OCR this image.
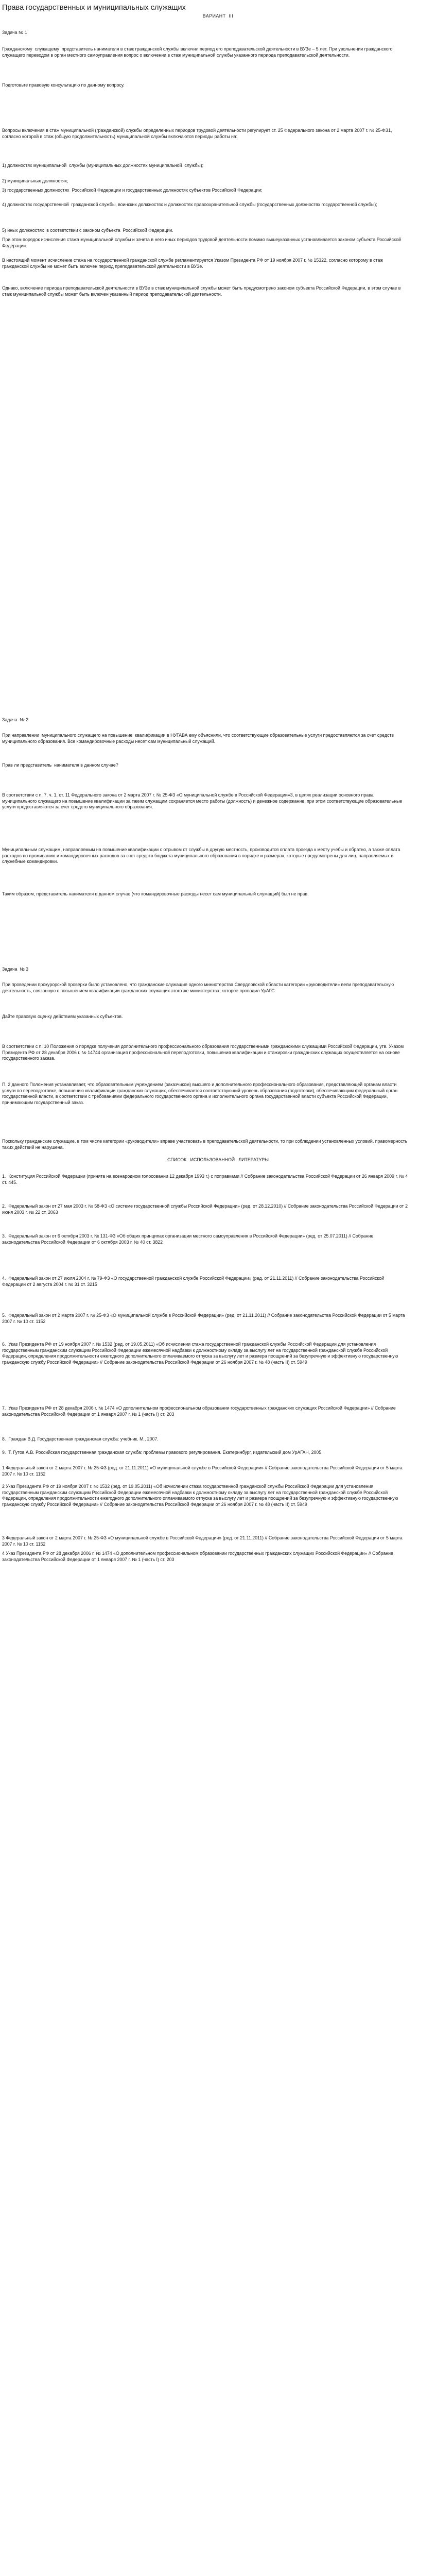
Права государственных и муниципальных служащих
ВАРИАНТ  III
Задача № 1
Гражданскому  служащему  представитель нанимателя в стаж гражданской службы включил период его преподавательской деятельности в ВУЗе – 5 лет. При увольнении гражданского служащего переводом в орган местного самоуправления вопрос о включении в стаж муниципальной службы указанного периода преподавательской деятельности.
Подготовьте правовую консультацию по данному вопросу.
Вопросы включения в стаж муниципальной (гражданской) службы определенных периодов трудовой деятельности регулирует ст. 25 Федерального закона от 2 марта 2007 г. № 25-ФЗ1, согласно которой в стаж (общую продолжительность) муниципальной службы включаются периоды работы на:
1) должностях муниципальной  службы (муниципальных должностях муниципальной  службы);
2) муниципальных должностях;
3) государственных должностях  Российской Федерации и государственных должностях субъектов Российской Федерации;
4) должностях государственной  гражданской службы, воинских должностях и должностях правоохранительной службы (государственных должностях государственной службы);
5) иных должностях  в соответствии с законом субъекта  Российской Федерации.
При этом порядок исчисления стажа муниципальной службы и зачета в него иных периодов трудовой деятельности помимо вышеуказанных устанавливается законом субъекта Российской Федерации.
В настоящий момент исчисление стажа на государственной гражданской службе регламентируется Указом Президента РФ от 19 ноября 2007 г. № 15322, согласно которому в стаж гражданской службы не может быть включен период преподавательской деятельности в ВУЗе.
Однако, включение периода преподавательской деятельности в ВУЗе в стаж муниципальной службы может быть предусмотрено законом субъекта Российской Федерации, в этом случае в стаж муниципальной службы может быть включен указанный период преподавательской деятельности.
Задача  № 2
При направлении  муниципального служащего на повышение  квалификации в НУГАВА ему объяснили, что соответствующие образовательные услуги предоставляются за счет средств муниципального образования. Все командировочные расходы несет сам муниципальный служащий.
Прав ли представитель  нанимателя в данном случае?
В соответствии с п. 7, ч. 1, ст. 11 Федерального закона от 2 марта 2007 г. № 25-ФЗ «О муниципальной службе в Российской Федерации»3, в целях реализации основного права муниципального служащего на повышение квалификации за таким служащим сохраняется место работы (должность) и денежное содержание, при этом соответствующие образовательные услуги предоставляются за счет средств муниципального образования.
Муниципальным служащим, направляемым на повышение квалификации с отрывом от службы в другую местность, производится оплата проезда к месту учебы и обратно, а также оплата расходов по проживанию и командировочных расходов за счет средств бюджета муниципального образования в порядке и размерах, которые предусмотрены для лиц, направляемых в служебные командировки.
Таким образом, представитель нанимателя в данном случае (что командировочные расходы несет сам муниципальный служащий) был не прав.
Задача  № 3
При проведении прокурорской проверки было установлено, что гражданские служащие одного министерства Свердловской области категории «руководители» вели преподавательскую деятельность, связанную с повышением квалификации гражданских служащих этого же министерства, которое проводил УрАГС.
Дайте правовую оценку действиям указанных субъектов.
В соответствии с п. 10 Положения о порядке получения дополнительного профессионального образования государственными гражданскими служащими Российской Федерации, утв. Указом Президента РФ от 28 декабря 2006 г. № 14744 организация профессиональной переподготовки, повышения квалификации и стажировки гражданских служащих осуществляется на основе государственного заказа.
П. 2 данного Положения устанавливает, что образовательным учреждением (заказчиком) высшего и дополнительного профессионального образования, представляющей органам власти услуги по переподготовке, повышению квалификации гражданских служащих, обеспечивается соответствующий уровень образования (подготовки), обеспечивающим федеральный орган государственной власти, в соответствии с требованиями федерального государственного органа и исполнительного органа государственной власти субъекта Российской Федерации, принимающим государственный заказ.
Поскольку гражданские служащие, в том числе категории «руководители» вправе участвовать в преподавательской деятельности, то при соблюдении установленных условий, правомерность таких действий не нарушена.
СПИСОК   ИСПОЛЬЗОВАННОЙ   ЛИТЕРАТУРЫ
1.  Конституция Российской Федерации (принята на всенародном голосовании 12 декабря 1993 г.) с поправками // Собрание законодательства Российской Федерации от 26 января 2009 г. № 4 ст. 445.
2.  Федеральный закон от 27 мая 2003 г. № 58-ФЗ «О системе государственной службы Российской Федерации» (ред. от 28.12.2010) // Собрание законодательства Российской Федерации от 2 июня 2003 г. № 22 ст. 2063
3.  Федеральный закон от 6 октября 2003 г. № 131-ФЗ «Об общих принципах организации местного самоуправления в Российской Федерации» (ред. от 25.07.2011) // Собрание законодательства Российской Федерации от 6 октября 2003 г. № 40 ст. 3822
4.  Федеральный закон от 27 июля 2004 г. № 79-ФЗ «О государственной гражданской службе Российской Федерации» (ред. от 21.11.2011) // Собрание законодательства Российской Федерации от 2 августа 2004 г. № 31 ст. 3215
5.  Федеральный закон от 2 марта 2007 г. № 25-ФЗ «О муниципальной службе в Российской Федерации» (ред. от 21.11.2011) // Собрание законодательства Российской Федерации от 5 марта 2007 г. № 10 ст. 1152
6.  Указ Президента РФ от 19 ноября 2007 г. № 1532 (ред. от 19.05.2011) «Об исчислении стажа государственной гражданской службы Российской Федерации для установления государственным гражданским служащим Российской Федерации ежемесячной надбавки к должностному окладу за выслугу лет на государственной гражданской службе Российской Федерации, определения продолжительности ежегодного дополнительного оплачиваемого отпуска за выслугу лет и размера поощрений за безупречную и эффективную государственную гражданскую службу Российской Федерации» // Собрание законодательства Российской Федерации от 26 ноября 2007 г. № 48 (часть II) ст. 5949
7.  Указ Президента РФ от 28 декабря 2006 г. № 1474 «О дополнительном профессиональном образовании государственных гражданских служащих Российской Федерации» // Собрание законодательства Российской Федерации от 1 января 2007 г. № 1 (часть I) ст. 203
8.  Граждан В.Д. Государственная гражданская служба: учебник. М., 2007.
9.  Т. Гутов А.В. Российская государственная гражданская служба: проблемы правового регулирования. Екатеринбург, издательский дом УрАГАН, 2005.
1 Федеральный закон от 2 марта 2007 г. № 25-ФЗ (ред. от 21.11.2011) «О муниципальной службе в Российской Федерации» // Собрание законодательства Российской Федерации от 5 марта 2007 г. № 10 ст. 1152
2 Указ Президента РФ от 19 ноября 2007 г. № 1532 (ред. от 19.05.2011) «Об исчислении стажа государственной гражданской службы Российской Федерации для установления государственным гражданским служащим Российской Федерации ежемесячной надбавки к должностному окладу за выслугу лет на государственной гражданской службе Российской Федерации, определения продолжительности ежегодного дополнительного оплачиваемого отпуска за выслугу лет и размера поощрений за безупречную и эффективную государственную гражданскую службу Российской Федерации» // Собрание законодательства Российской Федерации от 26 ноября 2007 г. № 48 (часть II) ст. 5949
3 Федеральный закон от 2 марта 2007 г. № 25-ФЗ «О муниципальной службе в Российской Федерации» (ред. от 21.11.2011) // Собрание законодательства Российской Федерации от 5 марта 2007 г. № 10 ст. 1152
4 Указ Президента РФ от 28 декабря 2006 г. № 1474 «О дополнительном профессиональном образовании государственных гражданских служащих Российской Федерации» // Собрание законодательства Российской Федерации от 1 января 2007 г. № 1 (часть I) ст. 203
